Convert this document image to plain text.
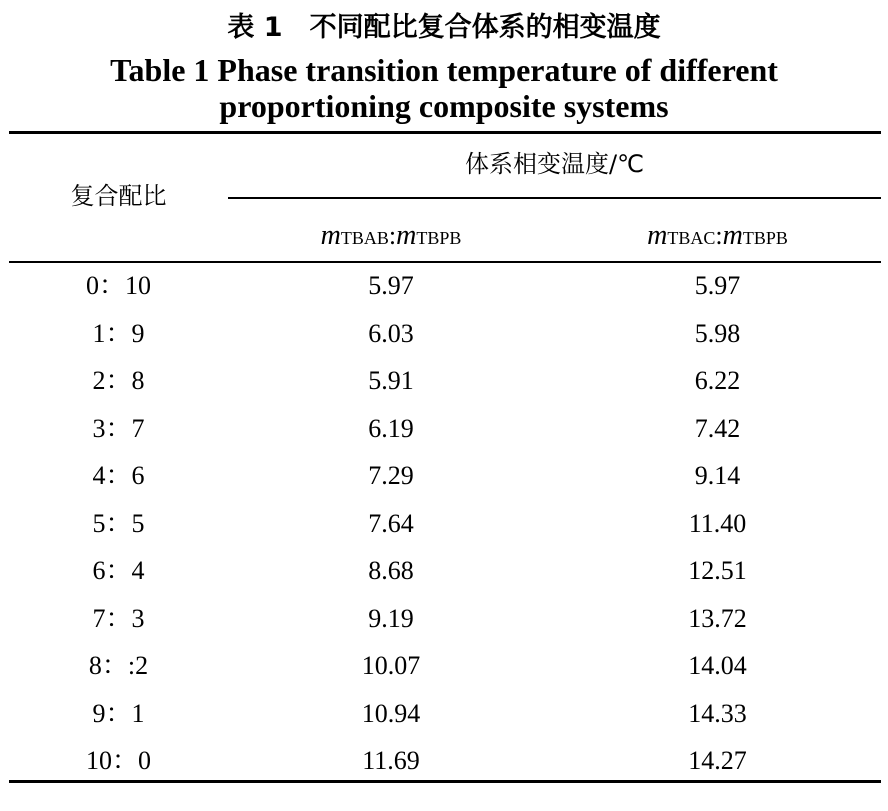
表 1　不同配比复合体系的相变温度
Table 1 Phase transition temperature of different
proportioning composite systems
复合配比
体系相变温度/℃
mTBAB:mTBPB	mTBAC:mTBPB
0：10	5.97	5.97
1：9	6.03	5.98
2：8	5.91	6.22
3：7	6.19	7.42
4：6	7.29	9.14
5：5	7.64	11.40
6：4	8.68	12.51
7：3	9.19	13.72
8：:2	10.07	14.04
9：1	10.94	14.33
10：0	11.69	14.27
